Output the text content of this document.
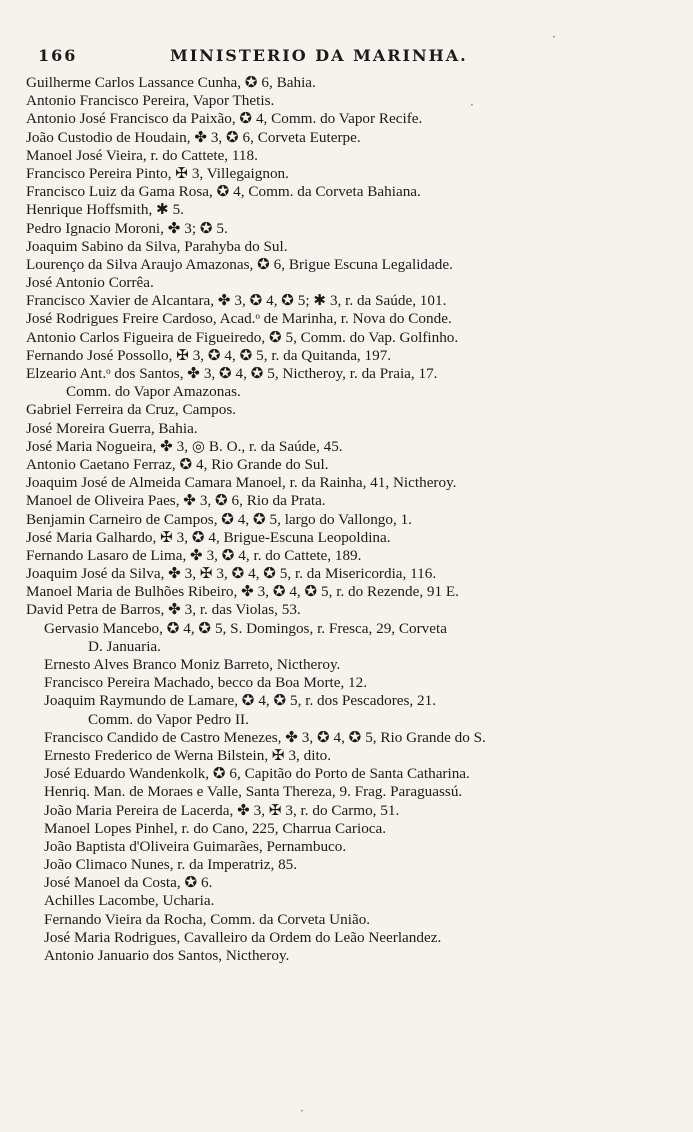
166	MINISTERIO DA MARINHA.
Guilherme Carlos Lassance Cunha, ✪ 6, Bahia.
Antonio Francisco Pereira, Vapor Thetis.
Antonio José Francisco da Paixão, ✪ 4, Comm. do Vapor Recife.
João Custodio de Houdain, ✤ 3, ✪ 6, Corveta Euterpe.
Manoel José Vieira, r. do Cattete, 118.
Francisco Pereira Pinto, ✠ 3, Villegaignon.
Francisco Luiz da Gama Rosa, ✪ 4, Comm. da Corveta Bahiana.
Henrique Hoffsmith, ✱ 5.
Pedro Ignacio Moroni, ✤ 3; ✪ 5.
Joaquim Sabino da Silva, Parahyba do Sul.
Lourenço da Silva Araujo Amazonas, ✪ 6, Brigue Escuna Legalidade.
José Antonio Corrêa.
Francisco Xavier de Alcantara, ✤ 3, ✪ 4, ✪ 5; ✱ 3, r. da Saúde, 101.
José Rodrigues Freire Cardoso, Acad.ᵒ de Marinha, r. Nova do Conde.
Antonio Carlos Figueira de Figueiredo, ✪ 5, Comm. do Vap. Golfinho.
Fernando José Possollo, ✠ 3, ✪ 4, ✪ 5, r. da Quitanda, 197.
Elzeario Ant.ᵒ dos Santos, ✤ 3, ✪ 4, ✪ 5, Nictheroy, r. da Praia, 17.
Comm. do Vapor Amazonas.
Gabriel Ferreira da Cruz, Campos.
José Moreira Guerra, Bahia.
José Maria Nogueira, ✤ 3, ◎ B. O., r. da Saúde, 45.
Antonio Caetano Ferraz, ✪ 4, Rio Grande do Sul.
Joaquim José de Almeida Camara Manoel, r. da Rainha, 41, Nictheroy.
Manoel de Oliveira Paes, ✤ 3, ✪ 6, Rio da Prata.
Benjamin Carneiro de Campos, ✪ 4, ✪ 5, largo do Vallongo, 1.
José Maria Galhardo, ✠ 3, ✪ 4, Brigue-Escuna Leopoldina.
Fernando Lasaro de Lima, ✤ 3, ✪ 4, r. do Cattete, 189.
Joaquim José da Silva, ✤ 3, ✠ 3, ✪ 4, ✪ 5, r. da Misericordia, 116.
Manoel Maria de Bulhões Ribeiro, ✤ 3, ✪ 4, ✪ 5, r. do Rezende, 91 E.
David Petra de Barros, ✤ 3, r. das Violas, 53.
Gervasio Mancebo, ✪ 4, ✪ 5, S. Domingos, r. Fresca, 29, Corveta
D. Januaria.
Ernesto Alves Branco Moniz Barreto, Nictheroy.
Francisco Pereira Machado, becco da Boa Morte, 12.
Joaquim Raymundo de Lamare, ✪ 4, ✪ 5, r. dos Pescadores, 21.
Comm. do Vapor Pedro II.
Francisco Candido de Castro Menezes, ✤ 3, ✪ 4, ✪ 5, Rio Grande do S.
Ernesto Frederico de Werna Bilstein, ✠ 3, dito.
José Eduardo Wandenkolk, ✪ 6, Capitão do Porto de Santa Catharina.
Henriq. Man. de Moraes e Valle, Santa Thereza, 9. Frag. Paraguassú.
João Maria Pereira de Lacerda, ✤ 3, ✠ 3, r. do Carmo, 51.
Manoel Lopes Pinhel, r. do Cano, 225, Charrua Carioca.
João Baptista d'Oliveira Guimarães, Pernambuco.
João Climaco Nunes, r. da Imperatriz, 85.
José Manoel da Costa, ✪ 6.
Achilles Lacombe, Ucharia.
Fernando Vieira da Rocha, Comm. da Corveta União.
José Maria Rodrigues, Cavalleiro da Ordem do Leão Neerlandez.
Antonio Januario dos Santos, Nictheroy.
·
·
·
